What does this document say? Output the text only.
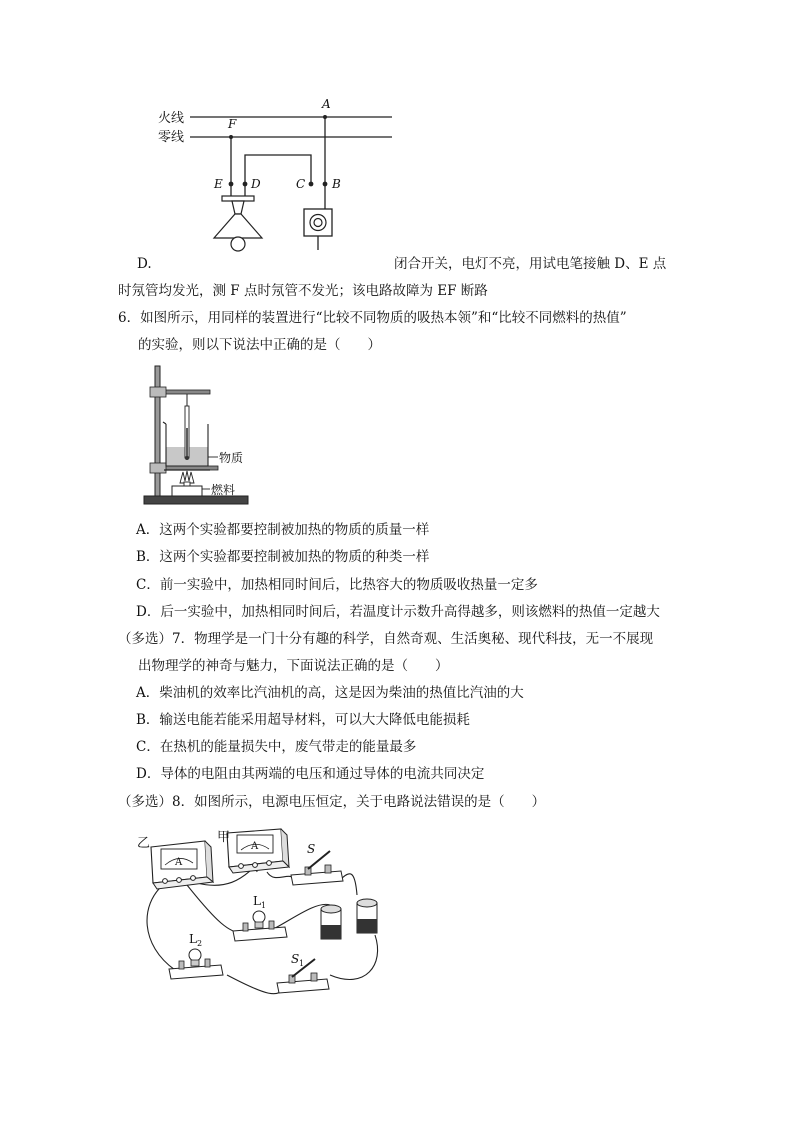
火线
零线
A
F
E D	C B
D.	闭合开关，电灯不亮，用试电笔接触 D、E 点
时氖管均发光，测 F 点时氖管不发光；该电路故障为 EF 断路
6．如图所示，用同样的装置进行“比较不同物质的吸热本领”和“比较不同燃料的热值”
的实验，则以下说法中正确的是（　　）
物质
燃料
A．这两个实验都要控制被加热的物质的质量一样
B．这两个实验都要控制被加热的物质的种类一样
C．前一实验中，加热相同时间后，比热容大的物质吸收热量一定多
D．后一实验中，加热相同时间后，若温度计示数升高得越多，则该燃料的热值一定越大
（多选）7．物理学是一门十分有趣的科学，自然奇观、生活奥秘、现代科技，无一不展现
出物理学的神奇与魅力，下面说法正确的是（　　）
A．柴油机的效率比汽油机的高，这是因为柴油的热值比汽油的大
B．输送电能若能采用超导材料，可以大大降低电能损耗
C．在热机的能量损失中，废气带走的能量最多
D．导体的电阻由其两端的电压和通过导体的电流共同决定
（多选）8．如图所示，电源电压恒定，关于电路说法错误的是（　　）
A
乙	A
甲
S
L 1
L 2
S 1
